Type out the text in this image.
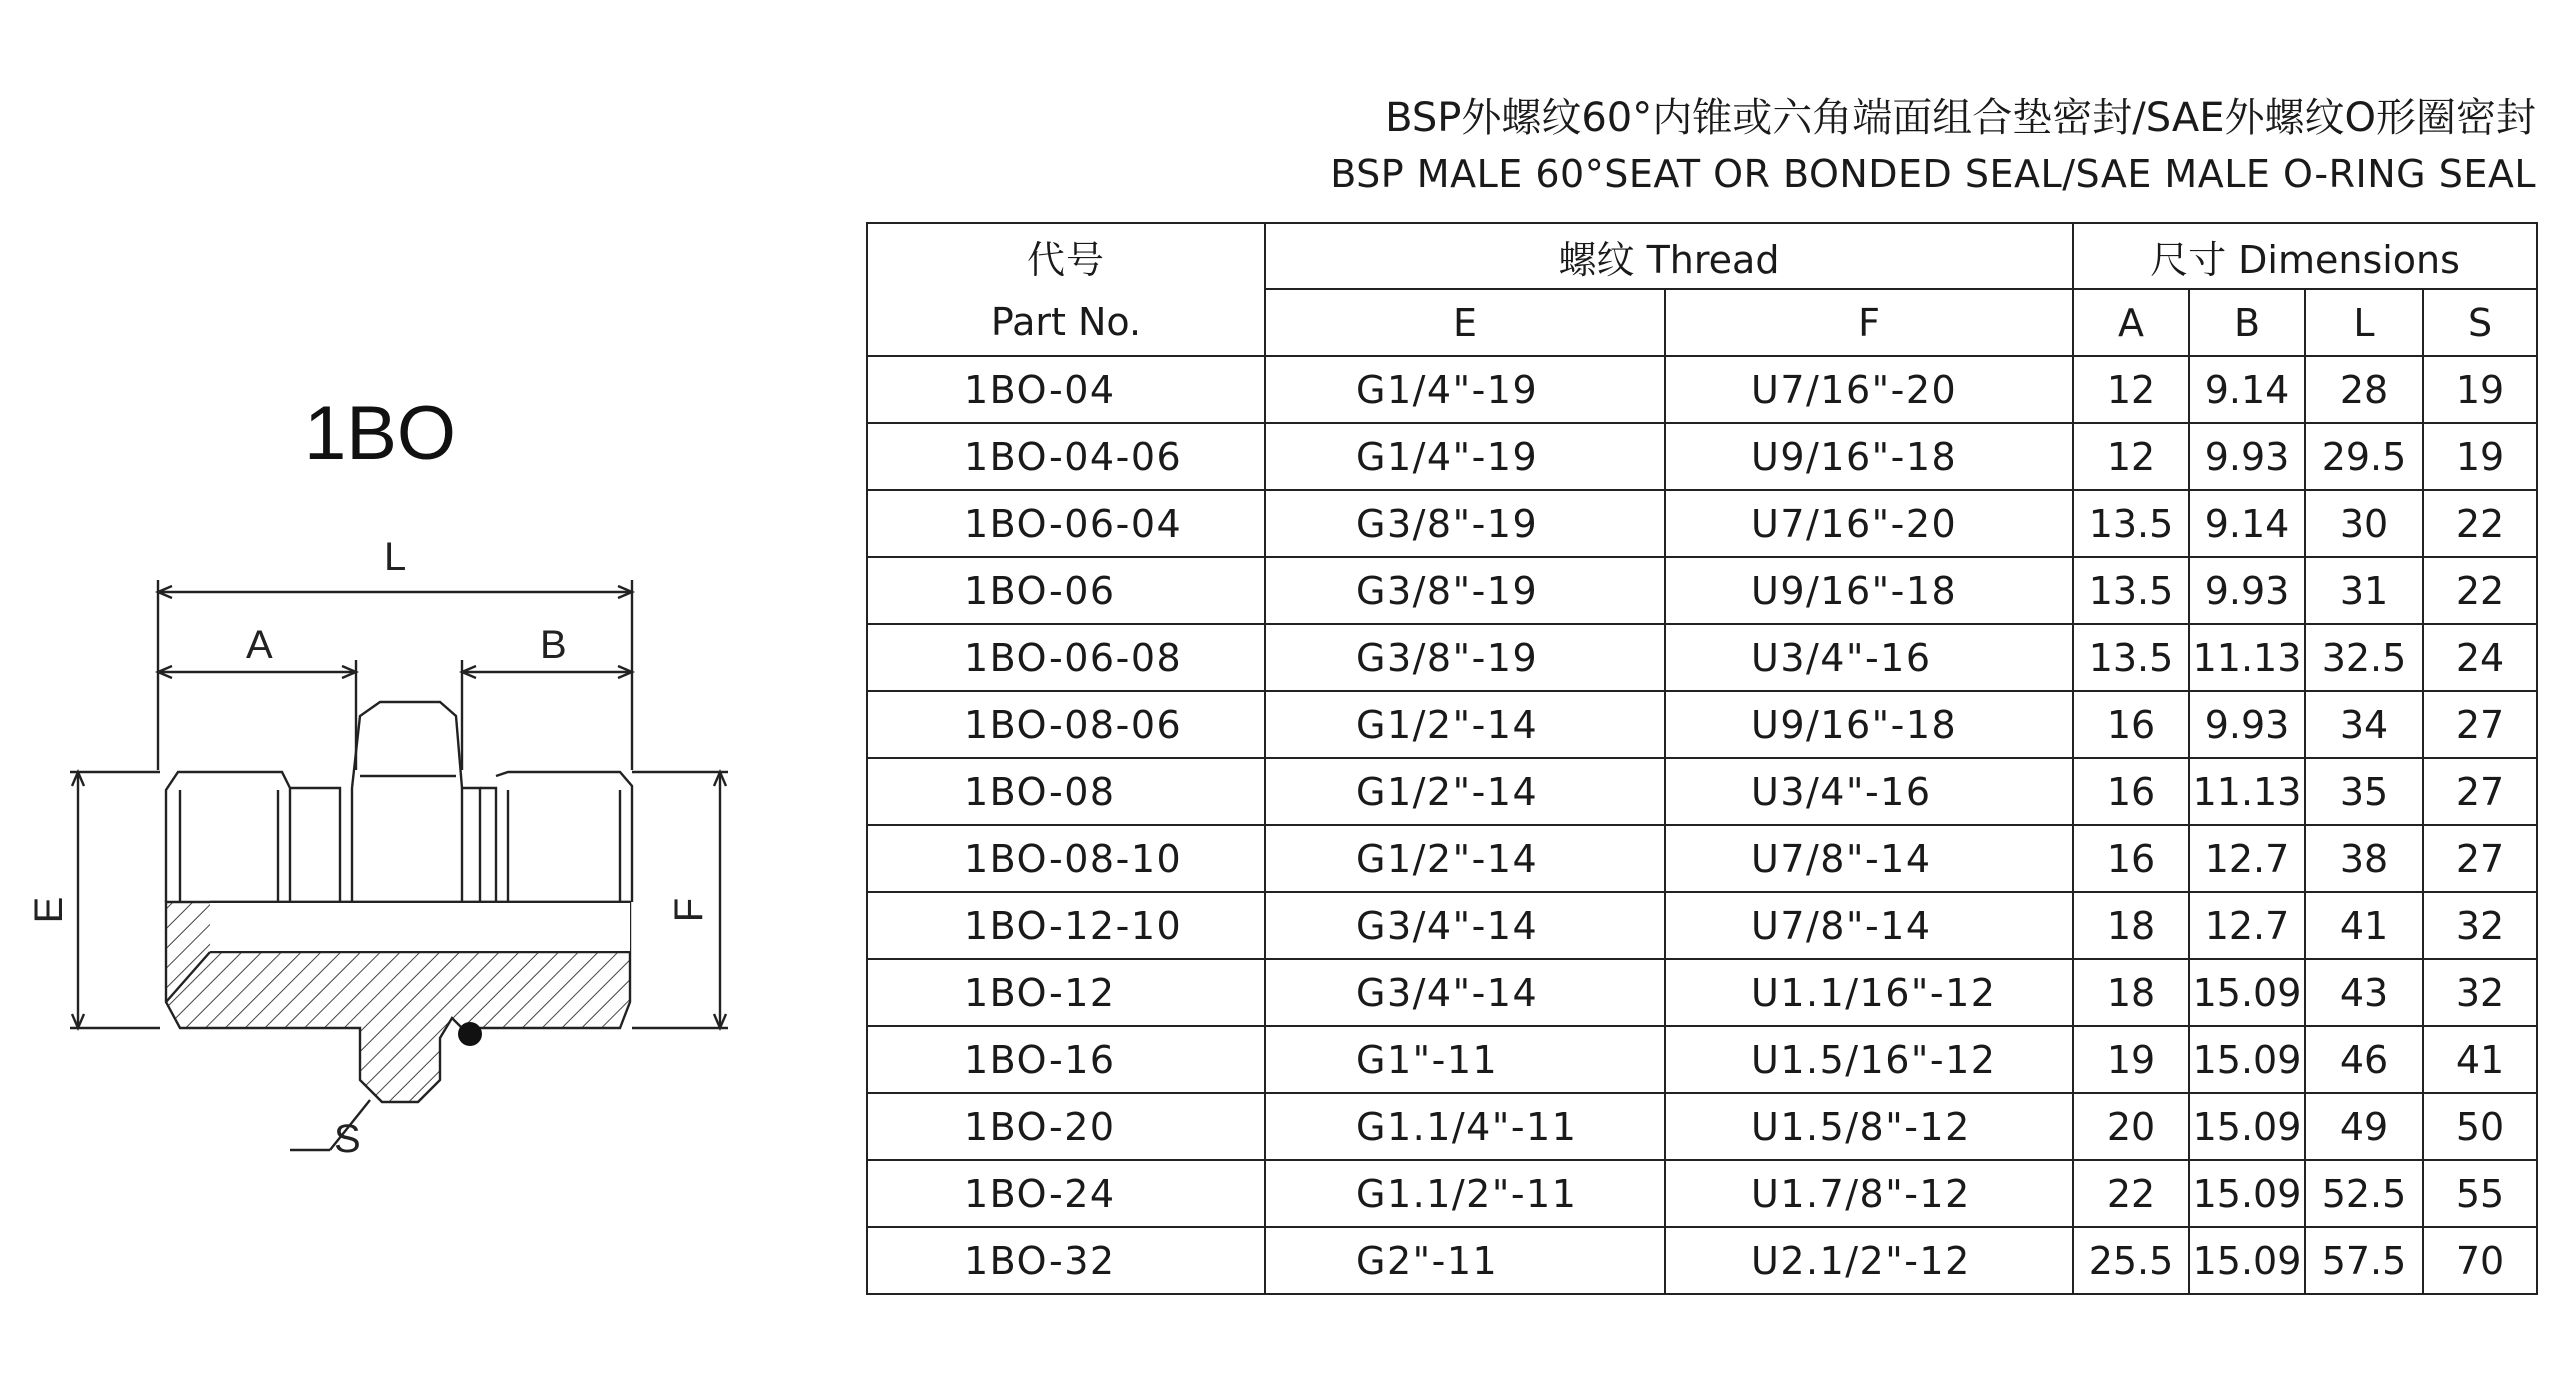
1BO
L
A	B
E	F
S
BSP外螺纹60°内锥或六角端面组合垫密封/SAE外螺纹O形圈密封
BSP MALE 60°SEAT OR BONDED SEAL/SAE MALE O-RING SEAL
代号
Part No.	螺纹 Thread		尺寸 Dimensions			
	E	F	A	B	L	S
1BO-04	G1/4"-19	U7/16"-20	12	9.14	28	19
1BO-04-06	G1/4"-19	U9/16"-18	12	9.93	29.5	19
1BO-06-04	G3/8"-19	U7/16"-20	13.5	9.14	30	22
1BO-06	G3/8"-19	U9/16"-18	13.5	9.93	31	22
1BO-06-08	G3/8"-19	U3/4"-16	13.5	11.13	32.5	24
1BO-08-06	G1/2"-14	U9/16"-18	16	9.93	34	27
1BO-08	G1/2"-14	U3/4"-16	16	11.13	35	27
1BO-08-10	G1/2"-14	U7/8"-14	16	12.7	38	27
1BO-12-10	G3/4"-14	U7/8"-14	18	12.7	41	32
1BO-12	G3/4"-14	U1.1/16"-12	18	15.09	43	32
1BO-16	G1"-11	U1.5/16"-12	19	15.09	46	41
1BO-20	G1.1/4"-11	U1.5/8"-12	20	15.09	49	50
1BO-24	G1.1/2"-11	U1.7/8"-12	22	15.09	52.5	55
1BO-32	G2"-11	U2.1/2"-12	25.5	15.09	57.5	70
